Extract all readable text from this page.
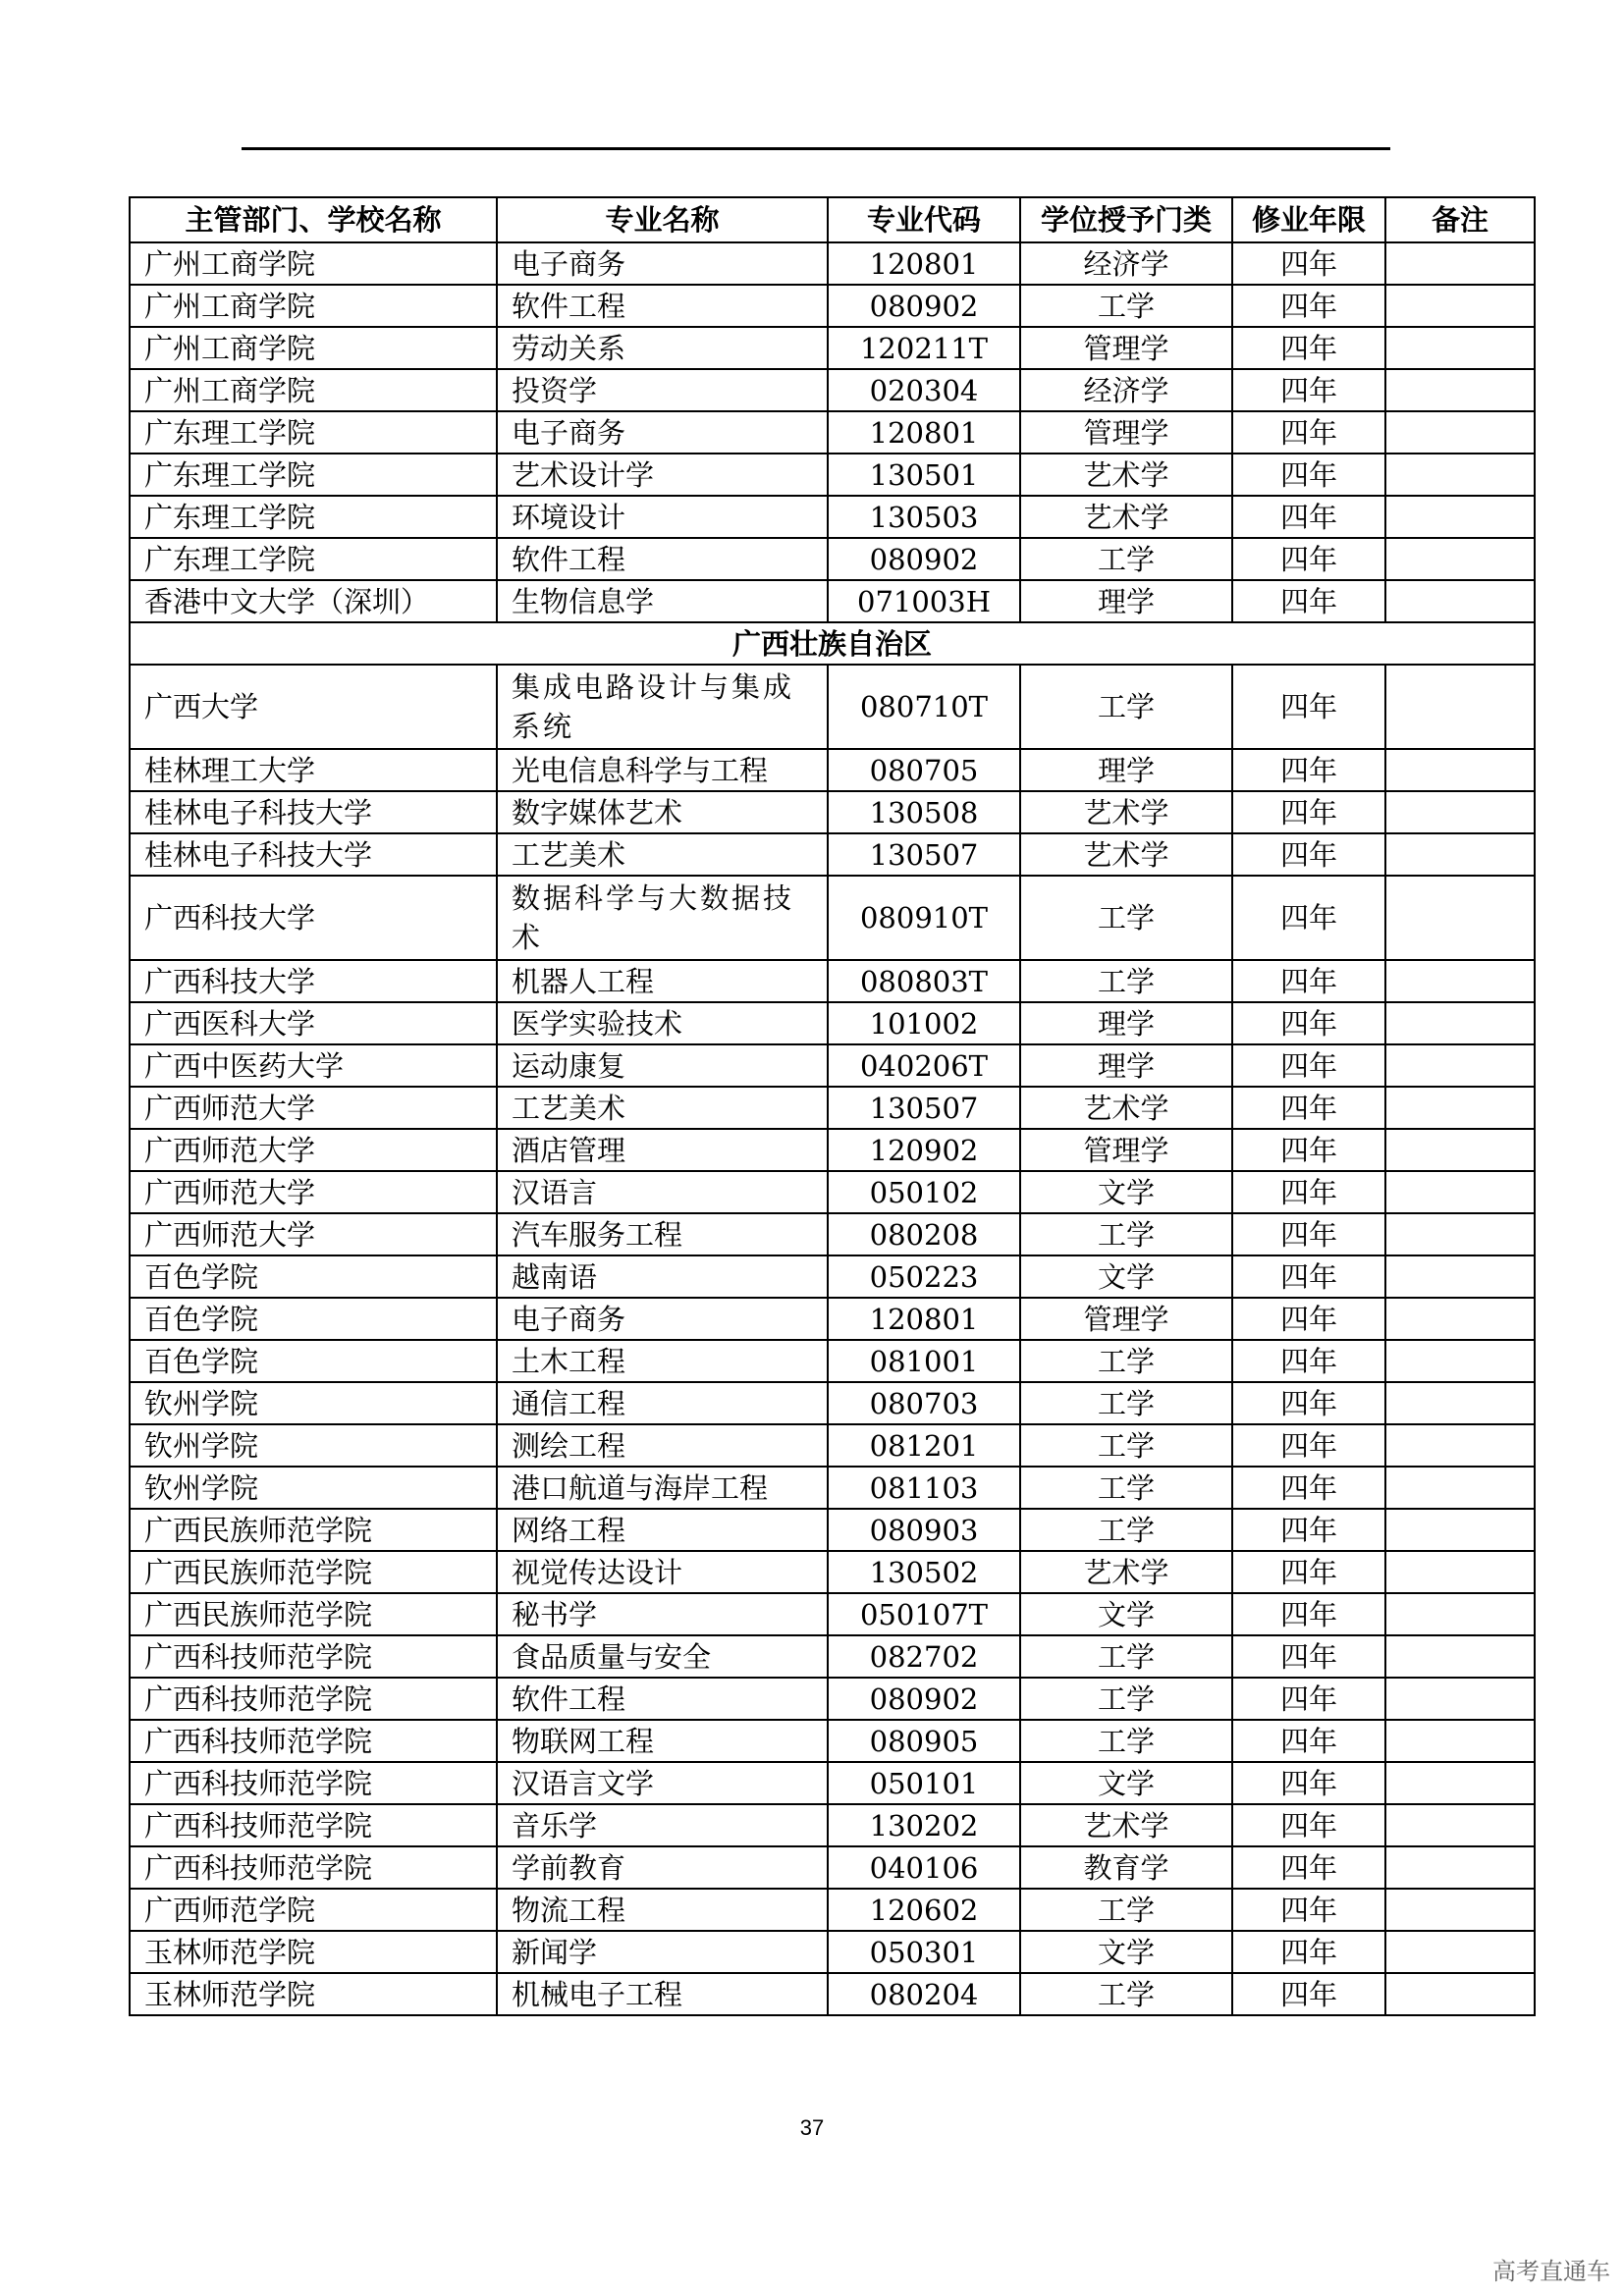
主管部门、学校名称	专业名称	专业代码	学位授予门类	修业年限	备注
广州工商学院	电子商务	120801	经济学	四年	
广州工商学院	软件工程	080902	工学	四年	
广州工商学院	劳动关系	120211T	管理学	四年	
广州工商学院	投资学	020304	经济学	四年	
广东理工学院	电子商务	120801	管理学	四年	
广东理工学院	艺术设计学	130501	艺术学	四年	
广东理工学院	环境设计	130503	艺术学	四年	
广东理工学院	软件工程	080902	工学	四年	
香港中文大学（深圳）	生物信息学	071003H	理学	四年	
广西壮族自治区					
广西大学	集成电路设计与集成系统	080710T	工学	四年	
桂林理工大学	光电信息科学与工程	080705	理学	四年	
桂林电子科技大学	数字媒体艺术	130508	艺术学	四年	
桂林电子科技大学	工艺美术	130507	艺术学	四年	
广西科技大学	数据科学与大数据技术	080910T	工学	四年	
广西科技大学	机器人工程	080803T	工学	四年	
广西医科大学	医学实验技术	101002	理学	四年	
广西中医药大学	运动康复	040206T	理学	四年	
广西师范大学	工艺美术	130507	艺术学	四年	
广西师范大学	酒店管理	120902	管理学	四年	
广西师范大学	汉语言	050102	文学	四年	
广西师范大学	汽车服务工程	080208	工学	四年	
百色学院	越南语	050223	文学	四年	
百色学院	电子商务	120801	管理学	四年	
百色学院	土木工程	081001	工学	四年	
钦州学院	通信工程	080703	工学	四年	
钦州学院	测绘工程	081201	工学	四年	
钦州学院	港口航道与海岸工程	081103	工学	四年	
广西民族师范学院	网络工程	080903	工学	四年	
广西民族师范学院	视觉传达设计	130502	艺术学	四年	
广西民族师范学院	秘书学	050107T	文学	四年	
广西科技师范学院	食品质量与安全	082702	工学	四年	
广西科技师范学院	软件工程	080902	工学	四年	
广西科技师范学院	物联网工程	080905	工学	四年	
广西科技师范学院	汉语言文学	050101	文学	四年	
广西科技师范学院	音乐学	130202	艺术学	四年	
广西科技师范学院	学前教育	040106	教育学	四年	
广西师范学院	物流工程	120602	工学	四年	
玉林师范学院	新闻学	050301	文学	四年	
玉林师范学院	机械电子工程	080204	工学	四年	
37
高考直通车
